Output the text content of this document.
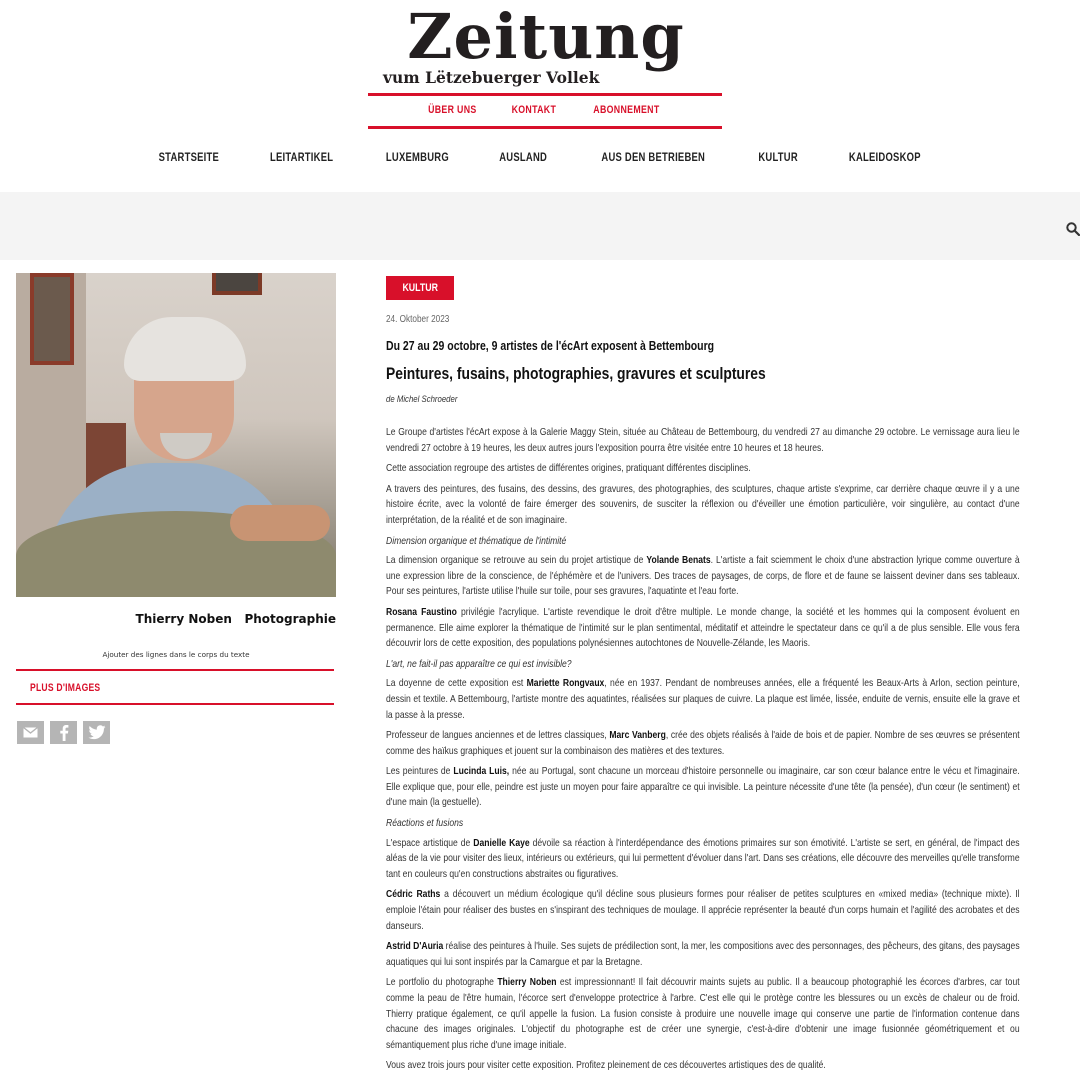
Zeitung
vum Lëtzebuerger Vollek
ÜBER UNS	KONTAKT	ABONNEMENT
STARTSEITE	LEITARTIKEL	LUXEMBURG	AUSLAND	AUS DEN BETRIEBEN	KULTUR	KALEIDOSKOP
Thierry Noben   Photographie
Ajouter des lignes dans le corps du texte
PLUS D'IMAGES
KULTUR
24. Oktober 2023
Du 27 au 29 octobre, 9 artistes de l'écArt exposent à Bettembourg
Peintures, fusains, photographies, gravures et sculptures
de Michel Schroeder

Le Groupe d'artistes l'écArt expose à la Galerie Maggy Stein, située au Château de Bettembourg, du vendredi 27 au dimanche 29 octobre. Le vernissage aura lieu le vendredi 27 octobre à 19 heures, les deux autres jours l'exposition pourra être visitée entre 10 heures et 18 heures.

Cette association regroupe des artistes de différentes origines, pratiquant différentes disciplines.

A travers des peintures, des fusains, des dessins, des gravures, des photographies, des sculptures, chaque artiste s'exprime, car derrière chaque œuvre il y a une histoire écrite, avec la volonté de faire émerger des souvenirs, de susciter la réflexion ou d'éveiller une émotion particulière, voir singulière, au contact d'une interprétation, de la réalité et de son imaginaire.

Dimension organique et thématique de l'intimité

La dimension organique se retrouve au sein du projet artistique de Yolande Benats. L'artiste a fait sciemment le choix d'une abstraction lyrique comme ouverture à une expression libre de la conscience, de l'éphémère et de l'univers. Des traces de paysages, de corps, de flore et de faune se laissent deviner dans ses tableaux. Pour ses peintures, l'artiste utilise l'huile sur toile, pour ses gravures, l'aquatinte et l'eau forte.

Rosana Faustino privilégie l'acrylique. L'artiste revendique le droit d'être multiple. Le monde change, la société et les hommes qui la composent évoluent en permanence. Elle aime explorer la thématique de l'intimité sur le plan sentimental, méditatif et atteindre le spectateur dans ce qu'il a de plus sensible. Elle vous fera découvrir lors de cette exposition, des populations polynésiennes autochtones de Nouvelle-Zélande, les Maoris.

L'art, ne fait-il pas apparaître ce qui est invisible?

La doyenne de cette exposition est Mariette Rongvaux, née en 1937. Pendant de nombreuses années, elle a fréquenté les Beaux-Arts à Arlon, section peinture, dessin et textile. A Bettembourg, l'artiste montre des aquatintes, réalisées sur plaques de cuivre. La plaque est limée, lissée, enduite de vernis, ensuite elle la grave et la passe à la presse.

Professeur de langues anciennes et de lettres classiques, Marc Vanberg, crée des objets réalisés à l'aide de bois et de papier. Nombre de ses œuvres se présentent comme des haïkus graphiques et jouent sur la combinaison des matières et des textures.

Les peintures de Lucinda Luis, née au Portugal, sont chacune un morceau d'histoire personnelle ou imaginaire, car son cœur balance entre le vécu et l'imaginaire. Elle explique que, pour elle, peindre est juste un moyen pour faire apparaître ce qui invisible. La peinture nécessite d'une tête (la pensée), d'un cœur (le sentiment) et d'une main (la gestuelle).

Réactions et fusions

L'espace artistique de Danielle Kaye dévoile sa réaction à l'interdépendance des émotions primaires sur son émotivité. L'artiste se sert, en général, de l'impact des aléas de la vie pour visiter des lieux, intérieurs ou extérieurs, qui lui permettent d'évoluer dans l'art. Dans ses créations, elle découvre des merveilles qu'elle transforme tant en couleurs qu'en constructions abstraites ou figuratives.

Cédric Raths a découvert un médium écologique qu'il décline sous plusieurs formes pour réaliser de petites sculptures en «mixed media» (technique mixte). Il emploie l'étain pour réaliser des bustes en s'inspirant des techniques de moulage. Il apprécie représenter la beauté d'un corps humain et l'agilité des acrobates et des danseurs.

Astrid D'Auria réalise des peintures à l'huile. Ses sujets de prédilection sont, la mer, les compositions avec des personnages, des pêcheurs, des gitans, des paysages aquatiques qui lui sont inspirés par la Camargue et par la Bretagne.

Le portfolio du photographe Thierry Noben est impressionnant! Il fait découvrir maints sujets au public. Il a beaucoup photographié les écorces d'arbres, car tout comme la peau de l'être humain, l'écorce sert d'enveloppe protectrice à l'arbre. C'est elle qui le protège contre les blessures ou un excès de chaleur ou de froid. Thierry pratique également, ce qu'il appelle la fusion. La fusion consiste à produire une nouvelle image qui conserve une partie de l'information contenue dans chacune des images originales. L'objectif du photographe est de créer une synergie, c'est-à-dire d'obtenir une image fusionnée géométriquement et ou sémantiquement plus riche d'une image initiale.

Vous avez trois jours pour visiter cette exposition. Profitez pleinement de ces découvertes artistiques des de qualité.
